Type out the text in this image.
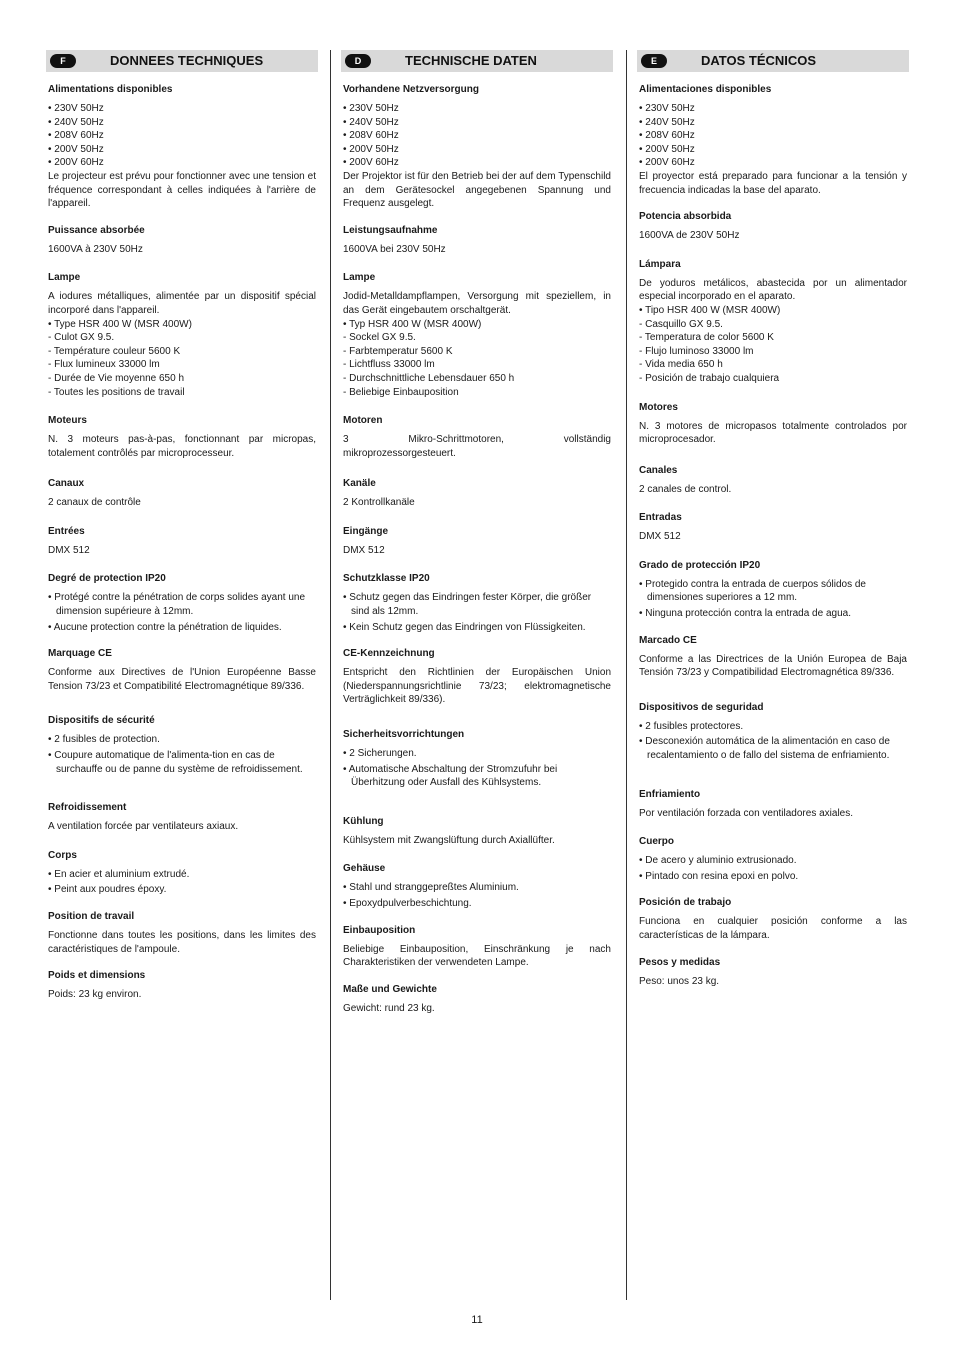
F	DONNEES TECHNIQUES
Alimentations disponibles
• 230V 50Hz
• 240V 50Hz
• 208V 60Hz
• 200V 50Hz
• 200V 60Hz
Le projecteur est prévu pour fonctionner avec une tension et fréquence correspondant à celles indiquées à l'arrière de l'appareil.
Puissance absorbée
1600VA à 230V 50Hz
Lampe
A iodures métalliques, alimentée par un dispositif spécial incorporé dans l'appareil.
• Type HSR 400 W (MSR 400W)
- Culot GX 9.5.
- Température couleur 5600 K
- Flux lumineux 33000 lm
- Durée de Vie moyenne 650 h
- Toutes les positions de travail
Moteurs
N. 3 moteurs pas-à-pas, fonctionnant par micropas, totalement contrôlés par microprocesseur.
Canaux
2 canaux de contrôle
Entrées
DMX 512
Degré de protection IP20
• Protégé contre la pénétration de corps solides ayant une dimension supérieure à 12mm.
• Aucune protection contre la pénétration de liquides.
Marquage CE
Conforme aux Directives de l'Union Européenne Basse Tension 73/23 et Compatibilité Electromagnétique 89/336.
Dispositifs de sécurité
• 2 fusibles de protection.
• Coupure automatique de l'alimenta-tion en cas de surchauffe ou de panne du système de refroidissement.
Refroidissement
A ventilation forcée par ventilateurs axiaux.
Corps
• En acier et aluminium extrudé.
• Peint aux poudres époxy.
Position de travail
Fonctionne dans toutes les positions, dans les limites des caractéristiques de l'ampoule.
Poids et dimensions
Poids: 23 kg environ.
D	TECHNISCHE DATEN
Vorhandene Netzversorgung
• 230V 50Hz
• 240V 50Hz
• 208V 60Hz
• 200V 50Hz
• 200V 60Hz
Der Projektor ist für den Betrieb bei der auf dem Typenschild an dem Gerätesockel angegebenen Spannung und Frequenz ausgelegt.
Leistungsaufnahme
1600VA bei 230V 50Hz
Lampe
Jodid-Metalldampflampen, Versorgung mit speziellem, in das Gerät eingebautem orschaltgerät.
• Typ HSR 400 W (MSR 400W)
- Sockel GX 9.5.
- Farbtemperatur 5600 K
- Lichtfluss 33000 lm
- Durchschnittliche Lebensdauer 650 h
- Beliebige Einbauposition
Motoren
3 Mikro-Schrittmotoren, vollständig mikroprozessorgesteuert.
Kanäle
2 Kontrollkanäle
Eingänge
DMX 512
Schutzklasse IP20
• Schutz gegen das Eindringen fester Körper, die größer sind als 12mm.
• Kein Schutz gegen das Eindringen von Flüssigkeiten.
CE-Kennzeichnung
Entspricht den Richtlinien der Europäischen Union (Niederspannungsrichtlinie 73/23; elektromagnetische Verträglichkeit 89/336).
Sicherheitsvorrichtungen
• 2 Sicherungen.
• Automatische Abschaltung der Stromzufuhr bei Überhitzung oder Ausfall des Kühlsystems.
Kühlung
Kühlsystem mit Zwangslüftung durch Axiallüfter.
Gehäuse
• Stahl und stranggepreßtes Aluminium.
• Epoxydpulverbeschichtung.
Einbauposition
Beliebige Einbauposition, Einschränkung je nach Charakteristiken der verwendeten Lampe.
Maße und Gewichte
Gewicht: rund 23 kg.
E	DATOS TÉCNICOS
Alimentaciones disponibles
• 230V 50Hz
• 240V 50Hz
• 208V 60Hz
• 200V 50Hz
• 200V 60Hz
El proyector está preparado para funcionar a la tensión y frecuencia indicadas la base del aparato.
Potencia absorbida
1600VA de 230V 50Hz
Lámpara
De yoduros metálicos, abastecida por un alimentador especial incorporado en el aparato.
• Tipo HSR 400 W (MSR 400W)
- Casquillo GX 9.5.
- Temperatura de color 5600 K
- Flujo luminoso 33000 lm
- Vida media 650 h
- Posición de trabajo cualquiera
Motores
N. 3 motores de micropasos totalmente controlados por microprocesador.
Canales
2 canales de control.
Entradas
DMX 512
Grado de protección IP20
• Protegido contra la entrada de cuerpos sólidos de dimensiones superiores a 12 mm.
• Ninguna protección contra la entrada de agua.
Marcado CE
Conforme a las Directrices de la Unión Europea de Baja Tensión 73/23 y Compatibilidad Electromagnética 89/336.
Dispositivos de seguridad
• 2 fusibles protectores.
• Desconexión automática de la alimentación en caso de recalentamiento o de fallo del sistema de enfriamiento.
Enfriamiento
Por ventilación forzada con ventiladores axiales.
Cuerpo
• De acero y aluminio extrusionado.
• Pintado con resina epoxi en polvo.
Posición de trabajo
Funciona en cualquier posición conforme a las características de la lámpara.
Pesos y medidas
Peso: unos 23 kg.
11
